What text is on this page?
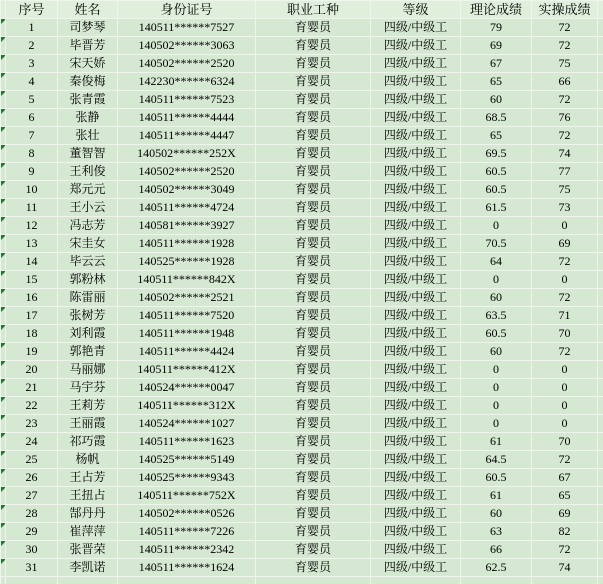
	序号	姓名	身份证号	职业工种	等级	理论成绩	实操成绩	

	1	司梦琴	140511******7527	育婴员	四级/中级工	79	72	

	2	毕晋芳	140502******3063	育婴员	四级/中级工	69	72	

	3	宋天娇	140502******2520	育婴员	四级/中级工	67	75	

	4	秦俊梅	142230******6324	育婴员	四级/中级工	65	66	

	5	张青霞	140511******7523	育婴员	四级/中级工	60	72	

	6	张静	140511******4444	育婴员	四级/中级工	68.5	76	

	7	张壮	140511******4447	育婴员	四级/中级工	65	72	

	8	董智智	140502******252X	育婴员	四级/中级工	69.5	74	

	9	王利俊	140502******2520	育婴员	四级/中级工	60.5	77	

	10	郑元元	140502******3049	育婴员	四级/中级工	60.5	75	

	11	王小云	140511******4724	育婴员	四级/中级工	61.5	73	

	12	冯志芳	140581******3927	育婴员	四级/中级工	0	0	

	13	宋圭女	140511******1928	育婴员	四级/中级工	70.5	69	

	14	毕云云	140525******1928	育婴员	四级/中级工	64	72	

	15	郭粉林	140511******842X	育婴员	四级/中级工	0	0	

	16	陈雷丽	140502******2521	育婴员	四级/中级工	60	72	

	17	张树芳	140511******7520	育婴员	四级/中级工	63.5	71	

	18	刘利霞	140511******1948	育婴员	四级/中级工	60.5	70	

	19	郭艳青	140511******4424	育婴员	四级/中级工	60	72	

	20	马丽娜	140511******412X	育婴员	四级/中级工	0	0	

	21	马宇芬	140524******0047	育婴员	四级/中级工	0	0	

	22	王莉芳	140511******312X	育婴员	四级/中级工	0	0	

	23	王丽霞	140524******1027	育婴员	四级/中级工	0	0	

	24	祁巧霞	140511******1623	育婴员	四级/中级工	61	70	

	25	杨帆	140525******5149	育婴员	四级/中级工	64.5	72	

	26	王占芳	140525******9343	育婴员	四级/中级工	60.5	67	

	27	王扭占	140511******752X	育婴员	四级/中级工	61	65	

	28	郜丹丹	140502******0526	育婴员	四级/中级工	60	69	

	29	崔萍萍	140511******7226	育婴员	四级/中级工	63	82	

	30	张晋荣	140511******2342	育婴员	四级/中级工	66	72	

	31	李凯诺	140511******1624	育婴员	四级/中级工	62.5	74	
